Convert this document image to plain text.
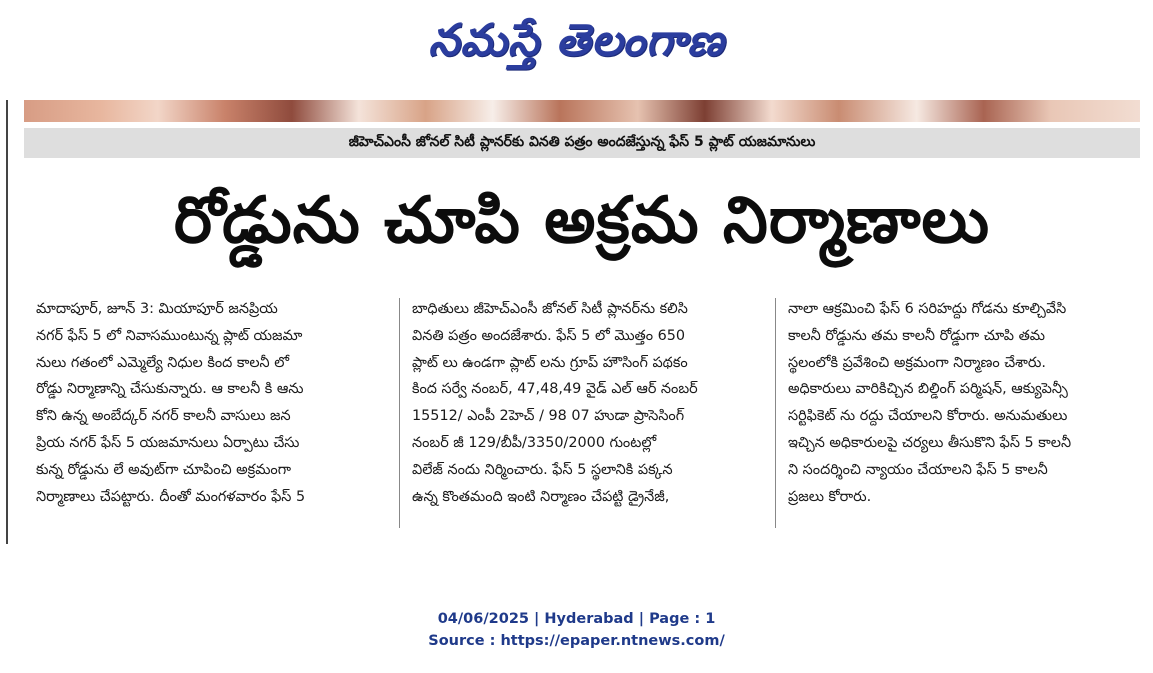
నమస్తే తెలంగాణ
జీహెచ్ఎంసీ జోనల్ సిటీ ప్లానర్‌కు వినతి పత్రం అందజేస్తున్న ఫేస్ 5 ప్లాట్ యజమానులు
రోడ్డును చూపి అక్రమ నిర్మాణాలు

మాదాపూర్, జూన్ 3: మియాపూర్ జనప్రియ
నగర్ ఫేస్ 5 లో నివాసముంటున్న ప్లాట్ యజమా
నులు గతంలో ఎమ్మెల్యే నిధుల కింద కాలనీ లో
రోడ్డు నిర్మాణాన్ని చేసుకున్నారు. ఆ కాలనీ కి ఆను
కోని ఉన్న అంబేద్కర్ నగర్ కాలనీ వాసులు జన
ప్రియ నగర్ ఫేస్ 5 యజమానులు ఏర్పాటు చేసు
కున్న రోడ్డును లే అవుట్‌గా చూపించి అక్రమంగా
నిర్మాణాలు చేపట్టారు. దీంతో మంగళవారం ఫేస్ 5

బాధితులు జీహెచ్ఎంసీ జోనల్ సిటీ ప్లానర్‌ను కలిసి
వినతి పత్రం అందజేశారు. ఫేస్ 5 లో మొత్తం 650
ప్లాట్ లు ఉండగా ప్లాట్ లను గ్రూప్ హౌసింగ్ పథకం
కింద సర్వే నంబర్, 47,48,49 వైడ్ ఎల్ ఆర్ నంబర్
15512/ ఎంపీ 2హెచ్ / 98 07 హుడా ప్రాసెసింగ్
నంబర్ జీ 129/బీపీ/3350/2000 గుంటల్లో
విలేజ్ నందు నిర్మించారు. ఫేస్ 5 స్థలానికి పక్కన
ఉన్న కొంతమంది ఇంటి నిర్మాణం చేపట్టి డ్రైనేజీ,

నాలా ఆక్రమించి ఫేస్ 6 సరిహద్దు గోడను కూల్చివేసి
కాలనీ రోడ్డును తమ కాలనీ రోడ్డుగా చూపి తమ
స్థలంలోకి ప్రవేశించి అక్రమంగా నిర్మాణం చేశారు.
అధికారులు వారికిచ్చిన బిల్డింగ్ పర్మిషన్, ఆక్యుపెన్సీ
సర్టిఫికెట్ ను రద్దు చేయాలని కోరారు. అనుమతులు
ఇచ్చిన అధికారులపై చర్యలు తీసుకొని ఫేస్ 5 కాలనీ
ని సందర్శించి న్యాయం చేయాలని ఫేస్ 5 కాలనీ
ప్రజలు కోరారు.

04/06/2025 | Hyderabad | Page : 1
Source : https://epaper.ntnews.com/
